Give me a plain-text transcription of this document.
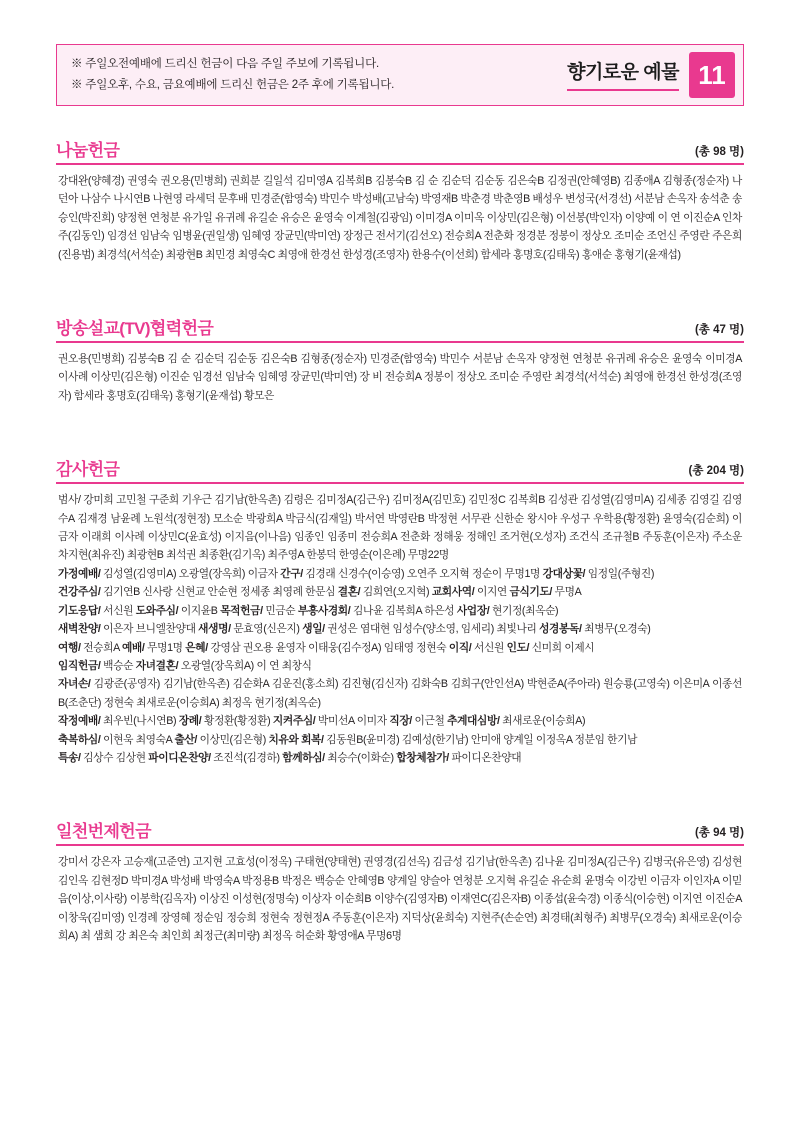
※ 주일오전예배에 드리신 헌금이 다음 주일 주보에 기록됩니다.
※ 주일오후, 수요, 금요예배에 드리신 헌금은 2주 후에 기록됩니다.
향기로운 예물 11
나눔헌금	(총 98 명)

강대완(양혜경) 권영숙 권오용(민병희) 권희분 길일석 김미영A 김복희B 김봉숙B 김 순 김순덕 김순동 김은숙B 김정권(안혜영B) 김종애A 김형종(정순자) 나던아 나삼수 나시연B 나현영 라세덕 문후배 민경준(함영숙) 박민수 박성배(고남숙) 박영재B 박춘경 박춘영B 배성우 변성국(서경선) 서분남 손옥자 송석춘 송승인(박진희) 양정현 연청분 유가일 유귀례 유길순 유승은 윤영숙 이계철(김광임) 이미경A 이미옥 이상민(김은형) 이선봉(박인자) 이양예 이 연 이진순A 인차주(김동인) 임경선 임남숙 임병윤(권일생) 임혜영 장균민(박미연) 장정근 전서기(김선오) 전승희A 전춘화 정경분 정봉이 정상오 조미순 조언신 주영란 주은희(진용범) 최경석(서석순) 최광현B 최민경 최영숙C 최영애 한경선 한성경(조영자) 한용수(이선희) 함세라 홍명호(김태욱) 홍애순 홍형기(윤재섭)

방송설교(TV)협력헌금	(총 47 명)

권오용(민병희) 김봉숙B 김 순 김순덕 김순동 김은숙B 김형종(정순자) 민경준(함영숙) 박민수 서분남 손옥자 양정현 연청분 유귀례 유승은 윤영숙 이미경A 이사례 이상민(김은형) 이진순 임경선 임남숙 임혜영 장균민(박미연) 장 비 전승희A 정봉이 정상오 조미순 주영란 최경석(서석순) 최영애 한경선 한성경(조영자) 함세라 홍명호(김태욱) 홍형기(윤재섭) 황모은

감사헌금	(총 204 명)

범사/ 강미희 고민철 구준희 기우근 김기남(한옥촌) 김령은 김미정A(김근우) 김미정A(김민호) 김민정C 김복희B 김성관 김성열(김영미A) 김세종 김영길 김영수A 김재경 남윤례 노원석(정현정) 모소순 박광희A 박금식(김재일) 박서연 박영란B 박정현 서무관 신한순 왕시야 우성구 우학용(황정환) 윤영숙(김순희) 이금자 이래희 이사례 이상민C(윤효성) 이지음(이나음) 임종인 임종미 전승희A 전춘화 정해웅 정해인 조거현(오성자) 조건식 조규철B 주동훈(이은자) 주소운 차지현(최유진) 최광현B 최석권 최종환(김기옥) 최주영A 한봉덕 한영순(이은례) 무명22명

가정예배/ 김성열(김영미A) 오광열(장옥희) 이금자 간구/ 김경래 신경수(이승영) 오연주 오지혁 정순이 무명1명 강대상꽃/ 임정일(주형진)

건강주심/ 김기연B 신사랑 신현교 안순현 정세종 최영례 한문심 결혼/ 김희연(오지혁) 교회사역/ 이지연 금식기도/ 무명A

기도응답/ 서신원 도와주심/ 이지윤B 목적헌금/ 민금순 부흥사경회/ 김나윤 김복희A 하은성 사업장/ 현기정(최옥순)

새벽찬양/ 이은자 브니엘찬양대 새생명/ 문효영(신은지) 생일/ 권성은 염대현 임성수(양소영, 임세리) 최빛나리 성경봉독/ 최병무(오경숙)

여행/ 전승희A 예배/ 무명1명 은혜/ 강영삼 권오용 윤영자 이태웅(김수정A) 임태영 정현숙 이직/ 서신원 인도/ 신미희 이제시

임직헌금/ 백승순 자녀결혼/ 오광열(장옥희A) 이 연 최창식

자녀손/ 김광준(공영자) 김기남(한옥촌) 김순화A 김운진(홍소희) 김진형(김신자) 김화숙B 김희구(안인선A) 박현준A(주아라) 원승룡(고영숙) 이은미A 이종선B(조춘단) 정현숙 최새로운(이승희A) 최정옥 현기정(최옥순)

작정예배/ 최우빈(나시연B) 장례/ 황정환(황정환) 지켜주심/ 박미선A 이미자 직장/ 이근철 추계대심방/ 최새로운(이승희A)

축복하심/ 이현욱 최영숙A 출산/ 이상민(김은형) 치유와 회복/ 김동원B(윤미경) 김예성(한기남) 안미애 양계일 이정옥A 정분임 한기남

특송/ 김상수 김상현 파이디온찬양/ 조진석(김경하) 함께하심/ 최승수(이화순) 합창체참가/ 파이디온찬양대

일천번제헌금	(총 94 명)

강미서 강은자 고승재(고준연) 고지현 고효성(이정옥) 구태현(양태현) 권영경(김선옥) 김금성 김기남(한옥촌) 김나윤 김미정A(김근우) 김병국(유은영) 김성현 김인옥 김현정D 박미경A 박성배 박영숙A 박정용B 박정은 백승순 안혜영B 양계일 양슬아 연청분 오지혁 유길순 유순희 윤명숙 이강빈 이금자 이인자A 이믿음(이상,이사랑) 이봉학(김옥자) 이상진 이성현(정명숙) 이상자 이순희B 이양수(김영자B) 이재연C(김은자B) 이종섭(윤숙경) 이종식(이승현) 이지연 이진순A 이창욱(김미영) 인경례 장영혜 정순임 정승희 정현숙 정현정A 주동훈(이은자) 지덕상(윤희숙) 지현주(손순연) 최경태(최형주) 최병무(오경숙) 최새로운(이승희A) 최 샘희 강 최은숙 최인희 최정근(최미량) 최정옥 허순화 황영애A 무명6명
